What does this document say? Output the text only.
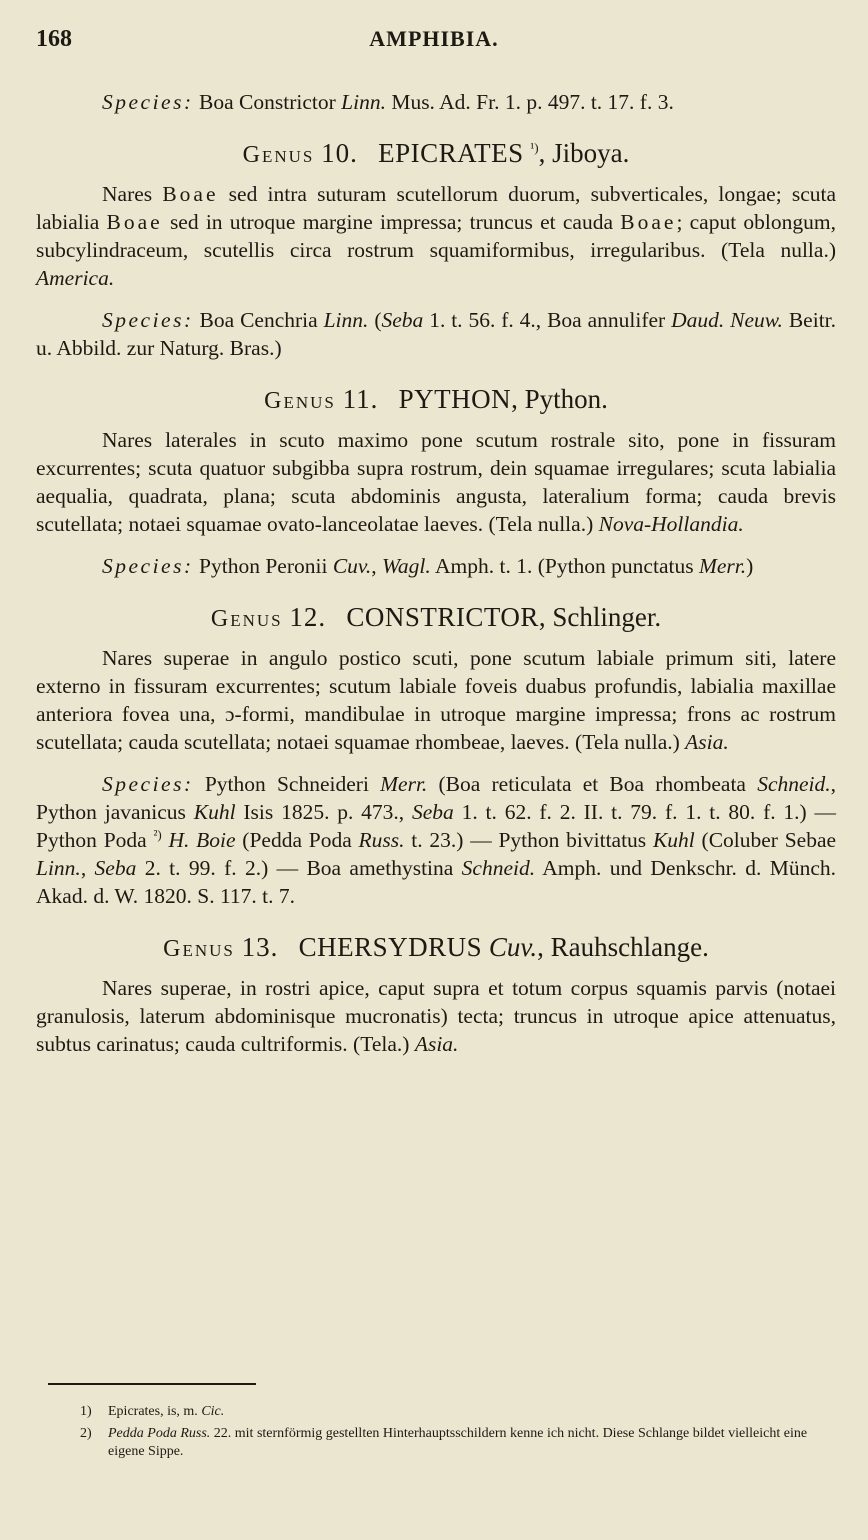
168	AMPHIBIA.

Species: Boa Constrictor Linn. Mus. Ad. Fr. 1. p. 497. t. 17. f. 3.

Genus 10. EPICRATES $^{^1)}$, Jiboya.

Nares Boae sed intra suturam scutellorum duorum, subverticales, longae; scuta labialia Boae sed in utroque margine impressa; truncus et cauda Boae; caput oblongum, subcylindraceum, scutellis circa rostrum squamiformibus, irregularibus. (Tela nulla.) America.

Species: Boa Cenchria Linn. (Seba 1. t. 56. f. 4., Boa annulifer Daud. Neuw. Beitr. u. Abbild. zur Naturg. Bras.)

Genus 11. PYTHON, Python.

Nares laterales in scuto maximo pone scutum rostrale sito, pone in fissuram excurrentes; scuta quatuor subgibba supra rostrum, dein squamae irregulares; scuta labialia aequalia, quadrata, plana; scuta abdominis angusta, lateralium forma; cauda brevis scutellata; notaei squamae ovato-lanceolatae laeves. (Tela nulla.) Nova-Hollandia.

Species: Python Peronii Cuv., Wagl. Amph. t. 1. (Python punctatus Merr.)

Genus 12. CONSTRICTOR, Schlinger.

Nares superae in angulo postico scuti, pone scutum labiale primum siti, latere externo in fissuram excurrentes; scutum labiale foveis duabus profundis, labialia maxillae anteriora fovea una, ɔ-formi, mandibulae in utroque margine impressa; frons ac rostrum scutellata; cauda scutellata; notaei squamae rhombeae, laeves. (Tela nulla.) Asia.

Species: Python Schneideri Merr. (Boa reticulata et Boa rhombeata Schneid., Python javanicus Kuhl Isis 1825. p. 473., Seba 1. t. 62. f. 2. II. t. 79. f. 1. t. 80. f. 1.) — Python Poda $^{^2)}$ H. Boie (Pedda Poda Russ. t. 23.) — Python bivittatus Kuhl (Coluber Sebae Linn., Seba 2. t. 99. f. 2.) — Boa amethystina Schneid. Amph. und Denkschr. d. Münch. Akad. d. W. 1820. S. 117. t. 7.

Genus 13. CHERSYDRUS Cuv., Rauhschlange.

Nares superae, in rostri apice, caput supra et totum corpus squamis parvis (notaei granulosis, laterum abdominisque mucronatis) tecta; truncus in utroque apice attenuatus, subtus carinatus; cauda cultriformis. (Tela.) Asia.

1) Epicrates, is, m. Cic.
2) Pedda Poda Russ. 22. mit sternförmig gestellten Hinterhauptsschildern kenne ich nicht. Diese Schlange bildet vielleicht eine eigene Sippe.
